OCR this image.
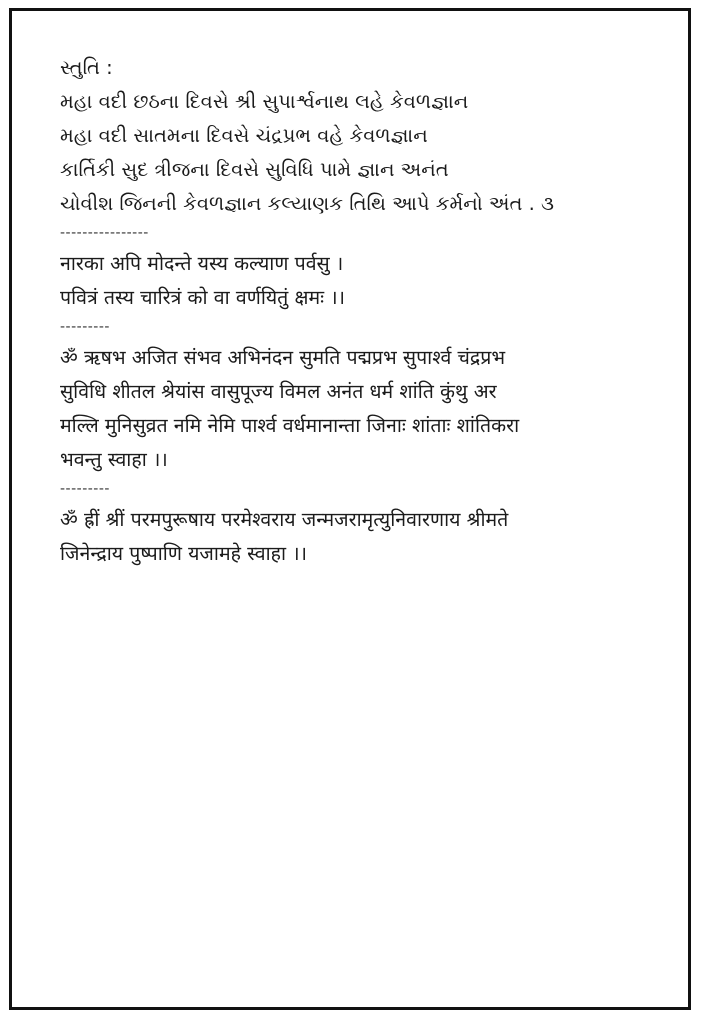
સ્તુતિ :
મહા વદી છઠના દિવસે શ્રી સુપાર્શ્વનાથ લહે કેવળજ્ઞાન
મહા વદી સાતમના દિવસે ચંદ્રપ્રભ વહે કેવળજ્ઞાન
કાર્તિકી સુદ ત્રીજના દિવસે સુવિધિ પામે જ્ઞાન અનંત
ચોવીશ જિનની કેવળજ્ઞાન કલ્યાણક તિથિ આપે કર્મનો અંત . ૩
----------------
नारका अपि मोदन्ते यस्य कल्याण पर्वसु ।
पवित्रं तस्य चारित्रं को वा वर्णयितुं क्षमः ।।
---------
ॐ ऋषभ अजित संभव अभिनंदन सुमति पद्मप्रभ सुपार्श्व चंद्रप्रभ
सुविधि शीतल श्रेयांस वासुपूज्य विमल अनंत धर्म शांति कुंथु अर
मल्लि मुनिसुव्रत नमि नेमि पार्श्व वर्धमानान्ता जिनाः शांताः शांतिकरा
भवन्तु स्वाहा ।।
---------
ॐ ह्रीं श्रीं परमपुरूषाय परमेश्वराय जन्मजरामृत्युनिवारणाय श्रीमते
जिनेन्द्राय पुष्पाणि यजामहे स्वाहा ।।
